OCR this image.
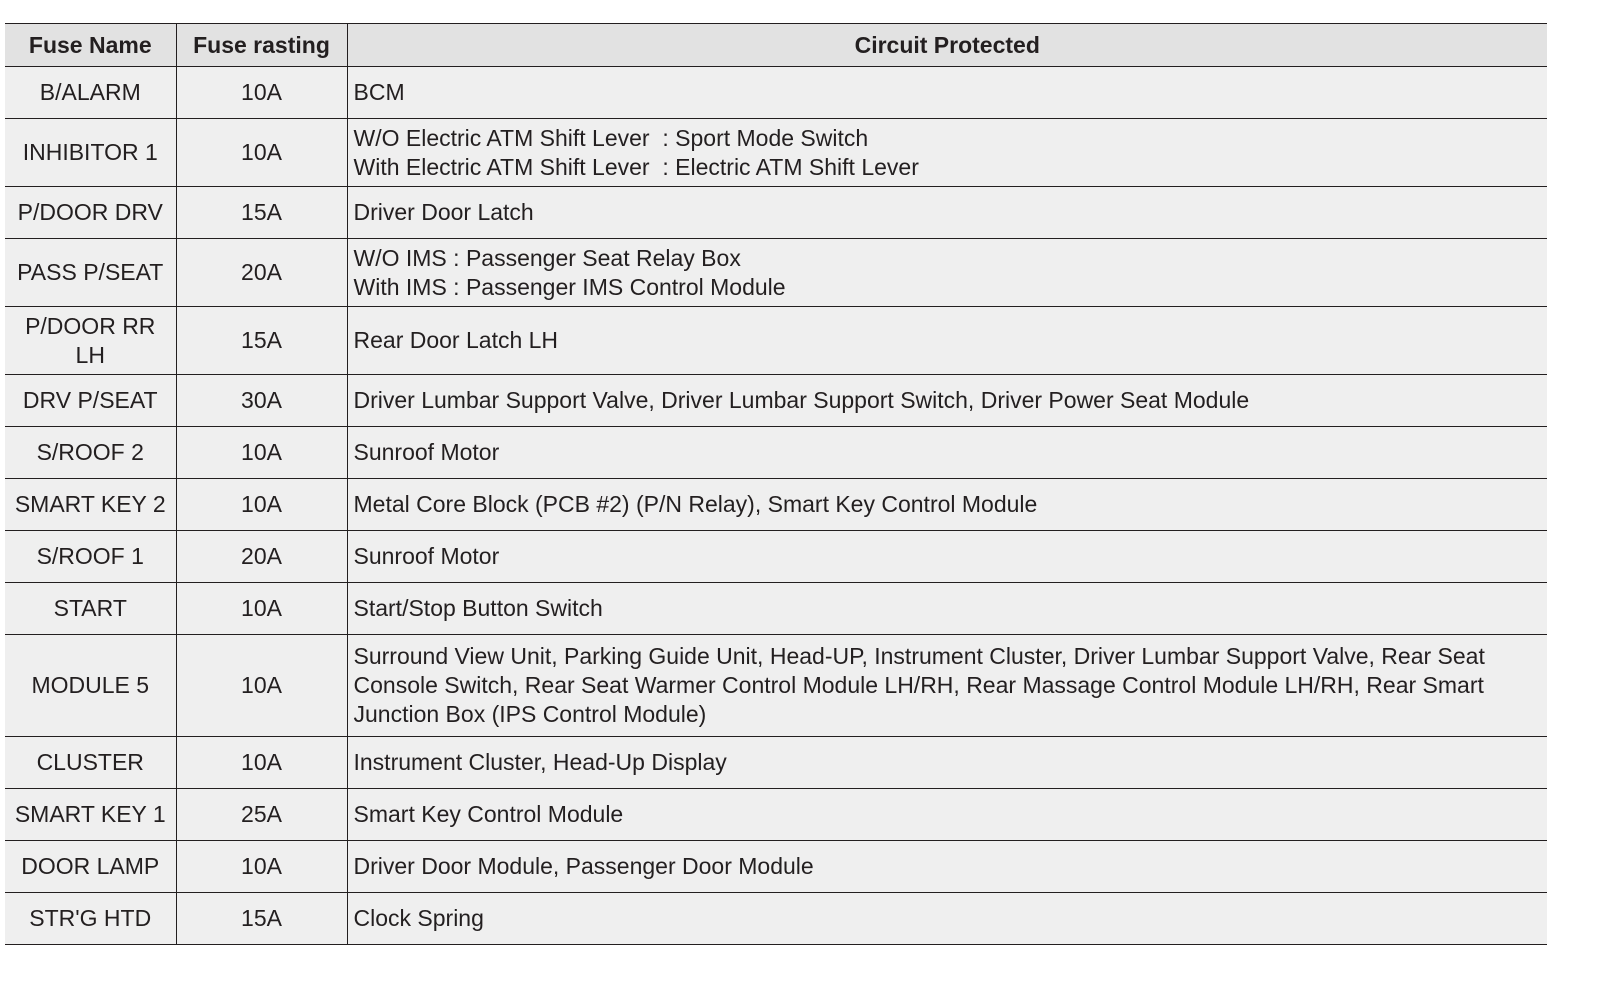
Fuse Name	Fuse rasting	Circuit Protected
B/ALARM	10A	BCM

INHIBITOR 1	10A	W/O Electric ATM Shift Lever  : Sport Mode Switch
With Electric ATM Shift Lever  : Electric ATM Shift Lever

P/DOOR DRV	15A	Driver Door Latch

PASS P/SEAT	20A	W/O IMS : Passenger Seat Relay Box
With IMS : Passenger IMS Control Module

P/DOOR RR LH	15A	Rear Door Latch LH

DRV P/SEAT	30A	Driver Lumbar Support Valve, Driver Lumbar Support Switch, Driver Power Seat Module

S/ROOF 2	10A	Sunroof Motor

SMART KEY 2	10A	Metal Core Block (PCB #2) (P/N Relay), Smart Key Control Module

S/ROOF 1	20A	Sunroof Motor

START	10A	Start/Stop Button Switch

MODULE 5	10A	Surround View Unit, Parking Guide Unit, Head-UP, Instrument Cluster, Driver Lumbar Support Valve, Rear Seat
Console Switch, Rear Seat Warmer Control Module LH/RH, Rear Massage Control Module LH/RH, Rear Smart
Junction Box (IPS Control Module)

CLUSTER	10A	Instrument Cluster, Head-Up Display

SMART KEY 1	25A	Smart Key Control Module

DOOR LAMP	10A	Driver Door Module, Passenger Door Module

STR'G HTD	15A	Clock Spring
